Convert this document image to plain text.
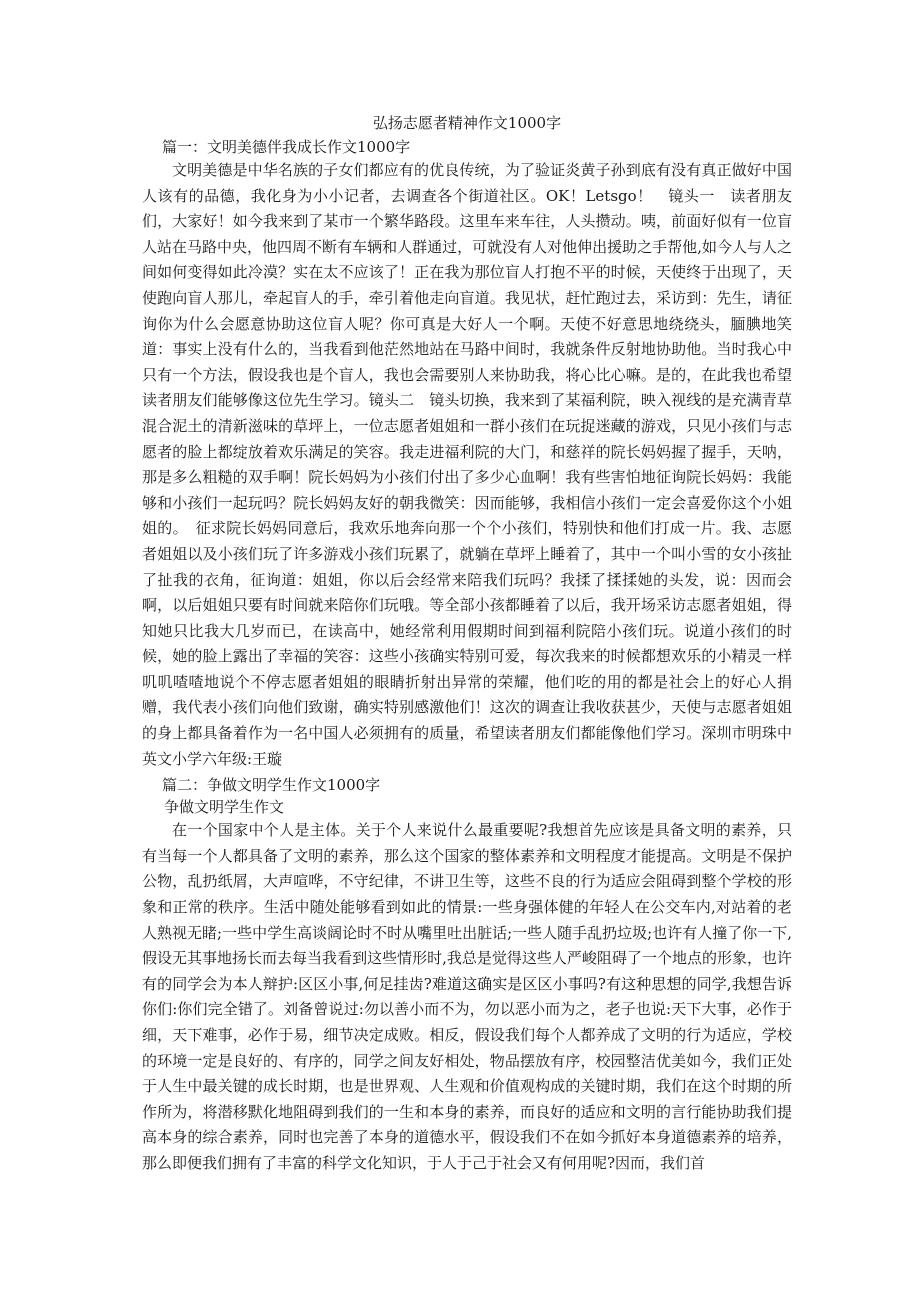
弘扬志愿者精神作文1000字

篇一：文明美德伴我成长作文1000字

文明美德是中华名族的子女们都应有的优良传统，为了验证炎黄子孙到底有没有真正做好中国人该有的品德，我化身为小小记者，去调查各个街道社区。OK！Letsgo！　镜头一　读者朋友们，大家好！如今我来到了某市一个繁华路段。这里车来车往，人头攒动。咦，前面好似有一位盲人站在马路中央，他四周不断有车辆和人群通过，可就没有人对他伸出援助之手帮他,如今人与人之间如何变得如此冷漠？实在太不应该了！正在我为那位盲人打抱不平的时候，天使终于出现了，天使跑向盲人那儿，牵起盲人的手，牵引着他走向盲道。我见状，赶忙跑过去，采访到：先生，请征询你为什么会愿意协助这位盲人呢？你可真是大好人一个啊。天使不好意思地绕绕头，腼腆地笑道：事实上没有什么的，当我看到他茫然地站在马路中间时，我就条件反射地协助他。当时我心中只有一个方法，假设我也是个盲人，我也会需要别人来协助我，将心比心嘛。是的，在此我也希望读者朋友们能够像这位先生学习。镜头二　镜头切换，我来到了某福利院，映入视线的是充满青草混合泥土的清新滋味的草坪上，一位志愿者姐姐和一群小孩们在玩捉迷藏的游戏，只见小孩们与志愿者的脸上都绽放着欢乐满足的笑容。我走进福利院的大门，和慈祥的院长妈妈握了握手，天呐，那是多么粗糙的双手啊！院长妈妈为小孩们付出了多少心血啊！我有些害怕地征询院长妈妈：我能够和小孩们一起玩吗？院长妈妈友好的朝我微笑：因而能够，我相信小孩们一定会喜爱你这个小姐姐的。　征求院长妈妈同意后，我欢乐地奔向那一个个小孩们，特别快和他们打成一片。我、志愿者姐姐以及小孩们玩了许多游戏小孩们玩累了，就躺在草坪上睡着了，其中一个叫小雪的女小孩扯了扯我的衣角，征询道：姐姐，你以后会经常来陪我们玩吗？我揉了揉揉她的头发，说：因而会啊，以后姐姐只要有时间就来陪你们玩哦。等全部小孩都睡着了以后，我开场采访志愿者姐姐，得知她只比我大几岁而已，在读高中，她经常利用假期时间到福利院陪小孩们玩。说道小孩们的时候，她的脸上露出了幸福的笑容：这些小孩确实特别可爱，每次我来的时候都想欢乐的小精灵一样叽叽喳喳地说个不停志愿者姐姐的眼睛折射出异常的荣耀，他们吃的用的都是社会上的好心人捐赠，我代表小孩们向他们致谢，确实特别感激他们！这次的调查让我收获甚少，天使与志愿者姐姐的身上都具备着作为一名中国人必须拥有的质量，希望读者朋友们都能像他们学习。深圳市明珠中英文小学六年级:王璇

篇二：争做文明学生作文1000字

争做文明学生作文

在一个国家中个人是主体。关于个人来说什么最重要呢?我想首先应该是具备文明的素养，只有当每一个人都具备了文明的素养，那么这个国家的整体素养和文明程度才能提高。文明是不保护公物，乱扔纸屑，大声喧哗，不守纪律，不讲卫生等，这些不良的行为适应会阻碍到整个学校的形象和正常的秩序。生活中随处能够看到如此的情景:一些身强体健的年轻人在公交车内,对站着的老人熟视无睹;一些中学生高谈阔论时不时从嘴里吐出脏话;一些人随手乱扔垃圾;也许有人撞了你一下,假设无其事地扬长而去每当我看到这些情形时,我总是觉得这些人严峻阻碍了一个地点的形象，也许有的同学会为本人辩护:区区小事,何足挂齿?难道这确实是区区小事吗?有这种思想的同学,我想告诉你们:你们完全错了。刘备曾说过:勿以善小而不为，勿以恶小而为之，老子也说:天下大事，必作于细，天下难事，必作于易，细节决定成败。相反，假设我们每个人都养成了文明的行为适应，学校的环境一定是良好的、有序的，同学之间友好相处，物品摆放有序，校园整洁优美如今，我们正处于人生中最关键的成长时期，也是世界观、人生观和价值观构成的关键时期，我们在这个时期的所作所为，将潜移默化地阻碍到我们的一生和本身的素养，而良好的适应和文明的言行能协助我们提高本身的综合素养，同时也完善了本身的道德水平，假设我们不在如今抓好本身道德素养的培养，那么即便我们拥有了丰富的科学文化知识，于人于己于社会又有何用呢?因而，我们首
